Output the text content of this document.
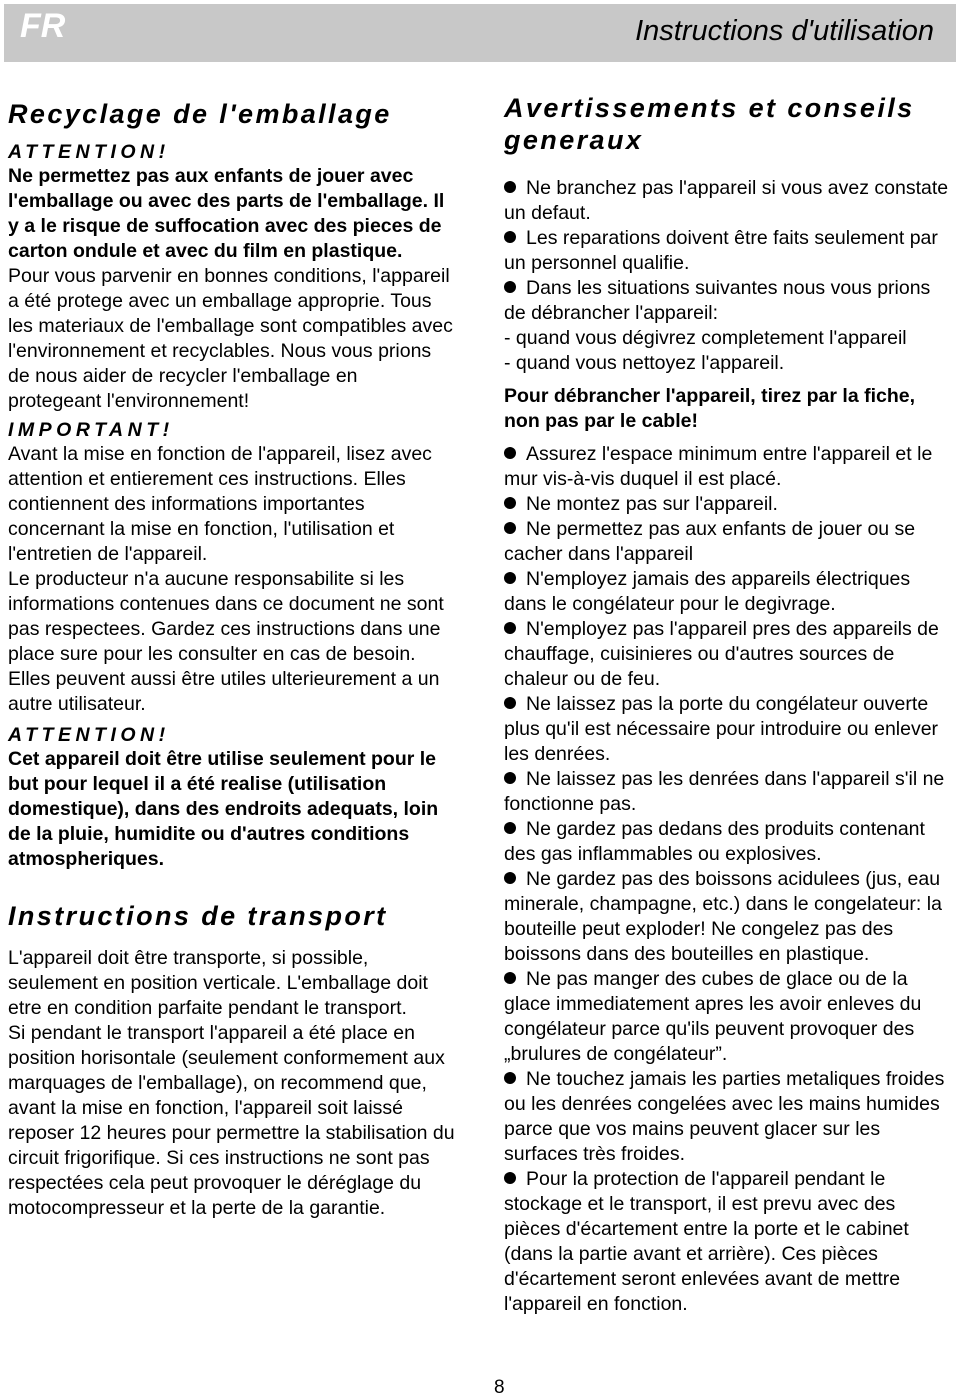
FR	Instructions d'utilisation

Recyclage de l'emballage

ATTENTION!

Ne permettez pas aux enfants de jouer avec l'emballage ou avec des parts de l'emballage. Il y a le risque de suffocation avec des pieces de carton ondule et avec du film en plastique.

Pour vous parvenir en bonnes conditions, l'appareil a été protege avec un emballage approprie. Tous les materiaux de l'emballage sont compatibles avec l'environnement et recyclables. Nous vous prions de nous aider de recycler l'emballage en protegeant l'environnement!

IMPORTANT!

Avant la mise en fonction de l'appareil, lisez avec attention et entierement ces instructions. Elles contiennent des informations importantes concernant la mise en fonction, l'utilisation et l'entretien de l'appareil.

Le producteur n'a aucune responsabilite si les informations contenues dans ce document ne sont pas respectees. Gardez ces instructions dans une place sure pour les consulter en cas de besoin. Elles peuvent aussi être utiles ulterieurement a un autre utilisateur.

ATTENTION!

Cet appareil doit être utilise seulement pour le but pour lequel il a été realise (utilisation domestique), dans des endroits adequats, loin de la pluie, humidite ou d'autres conditions atmospheriques.

Instructions de transport

L'appareil doit être transporte, si possible, seulement en position verticale. L'emballage doit etre en condition parfaite pendant le transport.

Si pendant le transport l'appareil a été place en position horisontale (seulement conformement aux marquages de l'emballage), on recommend que, avant la mise en fonction, l'appareil soit laissé reposer 12 heures pour permettre la stabilisation du circuit frigorifique. Si ces instructions ne sont pas respectées cela peut provoquer le déréglage du motocompresseur et la perte de la garantie.

Avertissements et conseils generaux

Ne branchez pas l'appareil si vous avez constate un defaut.

Les reparations doivent être faits seulement par un personnel qualifie.

Dans les situations suivantes nous vous prions de débrancher l'appareil:

- quand vous dégivrez completement l'appareil

- quand vous nettoyez l'appareil.

Pour débrancher l'appareil, tirez par la fiche, non pas par le cable!

Assurez l'espace minimum entre l'appareil et le mur vis-à-vis duquel il est placé.

Ne montez pas sur l'appareil.

Ne permettez pas aux enfants de jouer ou se cacher dans l'appareil

N'employez jamais des appareils électriques dans le congélateur pour le degivrage.

N'employez pas l'appareil pres des appareils de chauffage, cuisinieres ou d'autres sources de chaleur ou de feu.

Ne laissez pas la porte du congélateur ouverte plus qu'il est nécessaire pour introduire ou enlever les denrées.

Ne laissez pas les denrées dans l'appareil s'il ne fonctionne pas.

Ne gardez pas dedans des produits contenant des gas inflammables ou explosives.

Ne gardez pas des boissons acidulees (jus, eau minerale, champagne, etc.) dans le congelateur: la bouteille peut exploder! Ne congelez pas des boissons dans des bouteilles en plastique.

Ne pas manger des cubes de glace ou de la glace immediatement apres les avoir enleves du congélateur parce qu'ils peuvent provoquer des „brulures de congélateur”.

Ne touchez jamais les parties metaliques froides ou les denrées congelées avec les mains humides parce que vos mains peuvent glacer sur les surfaces très froides.

Pour la protection de l'appareil pendant le stockage et le transport, il est prevu avec des pièces d'écartement entre la porte et le cabinet (dans la partie avant et arrière). Ces pièces d'écartement seront enlevées avant de mettre l'appareil en fonction.

8
